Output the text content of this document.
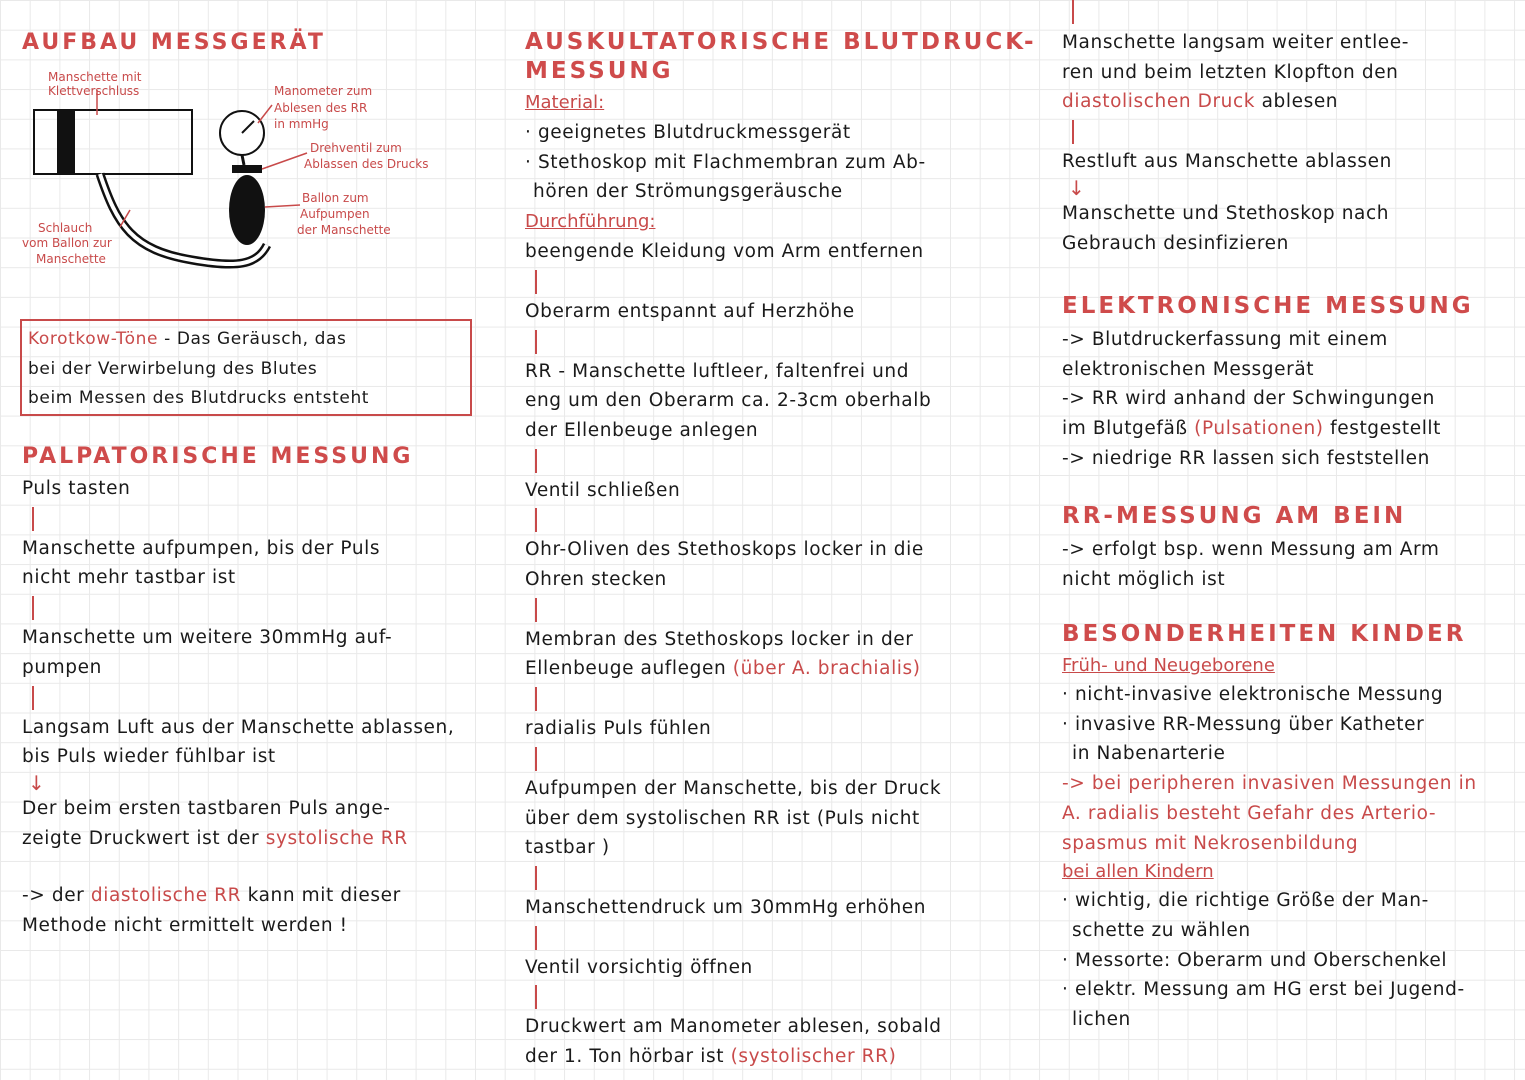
AUFBAU MESSGERÄT
Manschette mit Klettverschluss	Manometer zum Ablesen des RR in mmHg
Drehventil zum Ablassen des Drucks
Ballon zum Aufpumpen der Manschette
Schlauch vom Ballon zur Manschette

Korotkow-Töne - Das Geräusch, das

bei der Verwirbelung des Blutes

beim Messen des Blutdrucks entsteht

PALPATORISCHE MESSUNG

Puls tasten

Manschette aufpumpen, bis der Puls

nicht mehr tastbar ist

Manschette um weitere 30mmHg auf-

pumpen

Langsam Luft aus der Manschette ablassen,

bis Puls wieder fühlbar ist

↓

Der beim ersten tastbaren Puls ange-

zeigte Druckwert ist der systolische RR

-> der diastolische RR kann mit dieser

Methode nicht ermittelt werden !

AUSKULTATORISCHE BLUTDRUCK-
MESSUNG

Material:

· geeignetes Blutdruckmessgerät

· Stethoskop mit Flachmembran zum Ab-

hören der Strömungsgeräusche

Durchführung:

beengende Kleidung vom Arm entfernen

Oberarm entspannt auf Herzhöhe

RR - Manschette luftleer, faltenfrei und

eng um den Oberarm ca. 2-3cm oberhalb

der Ellenbeuge anlegen

Ventil schließen

Ohr-Oliven des Stethoskops locker in die

Ohren stecken

Membran des Stethoskops locker in der

Ellenbeuge auflegen (über A. brachialis)

radialis Puls fühlen

Aufpumpen der Manschette, bis der Druck

über dem systolischen RR ist (Puls nicht

tastbar )

Manschettendruck um 30mmHg erhöhen

Ventil vorsichtig öffnen

Druckwert am Manometer ablesen, sobald

der 1. Ton hörbar ist (systolischer RR)

Manschette langsam weiter entlee-

ren und beim letzten Klopfton den

diastolischen Druck ablesen

Restluft aus Manschette ablassen

↓

Manschette und Stethoskop nach

Gebrauch desinfizieren

ELEKTRONISCHE MESSUNG

-> Blutdruckerfassung mit einem

elektronischen Messgerät

-> RR wird anhand der Schwingungen

im Blutgefäß (Pulsationen) festgestellt

-> niedrige RR lassen sich feststellen

RR-MESSUNG AM BEIN

-> erfolgt bsp. wenn Messung am Arm

nicht möglich ist

BESONDERHEITEN KINDER

Früh- und Neugeborene

· nicht-invasive elektronische Messung

· invasive RR-Messung über Katheter

in Nabenarterie

-> bei peripheren invasiven Messungen in

A. radialis besteht Gefahr des Arterio-

spasmus mit Nekrosenbildung

bei allen Kindern

· wichtig, die richtige Größe der Man-

schette zu wählen

· Messorte: Oberarm und Oberschenkel

· elektr. Messung am HG erst bei Jugend-

lichen
